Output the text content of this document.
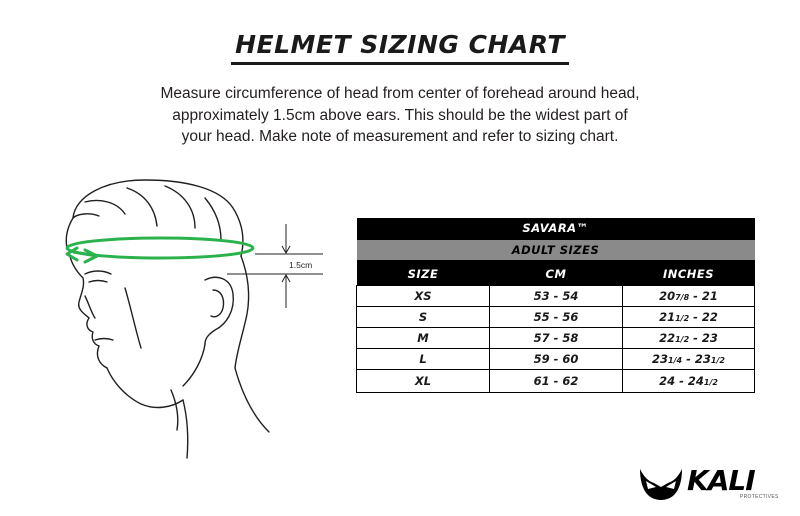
HELMET SIZING CHART
Measure circumference of head from center of forehead around head,
approximately 1.5cm above ears. This should be the widest part of
your head. Make note of measurement and refer to sizing chart.
1.5cm
SAVARA™		
ADULT SIZES		
SIZE	CM	INCHES
XS	53 - 54	207/8 - 21
S	55 - 56	211/2 - 22
M	57 - 58	221/2 - 23
L	59 - 60	231/4 - 231/2
XL	61 - 62	24 - 241/2
KALI
PROTECTIVES
